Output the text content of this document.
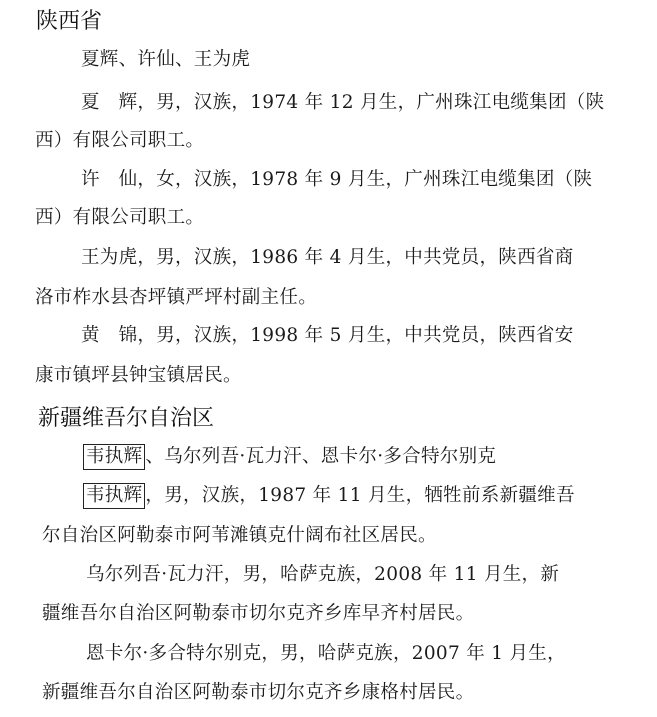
陕西省
夏辉、许仙、王为虎
夏　辉，男，汉族，1974 年 12 月生，广州珠江电缆集团（陕
西）有限公司职工。
许　仙，女，汉族，1978 年 9 月生，广州珠江电缆集团（陕
西）有限公司职工。
王为虎，男，汉族，1986 年 4 月生，中共党员，陕西省商
洛市柞水县杏坪镇严坪村副主任。
黄　锦，男，汉族，1998 年 5 月生，中共党员，陕西省安
康市镇坪县钟宝镇居民。
新疆维吾尔自治区
韦执辉 、乌尔列吾·瓦力汗、恩卡尔·多合特尔别克
韦执辉 ，男，汉族，1987 年 11 月生，牺牲前系新疆维吾
尔自治区阿勒泰市阿苇滩镇克什阔布社区居民。
乌尔列吾·瓦力汗，男，哈萨克族，2008 年 11 月生，新
疆维吾尔自治区阿勒泰市切尔克齐乡库早齐村居民。
恩卡尔·多合特尔别克，男，哈萨克族，2007 年 1 月生，
新疆维吾尔自治区阿勒泰市切尔克齐乡康格村居民。
